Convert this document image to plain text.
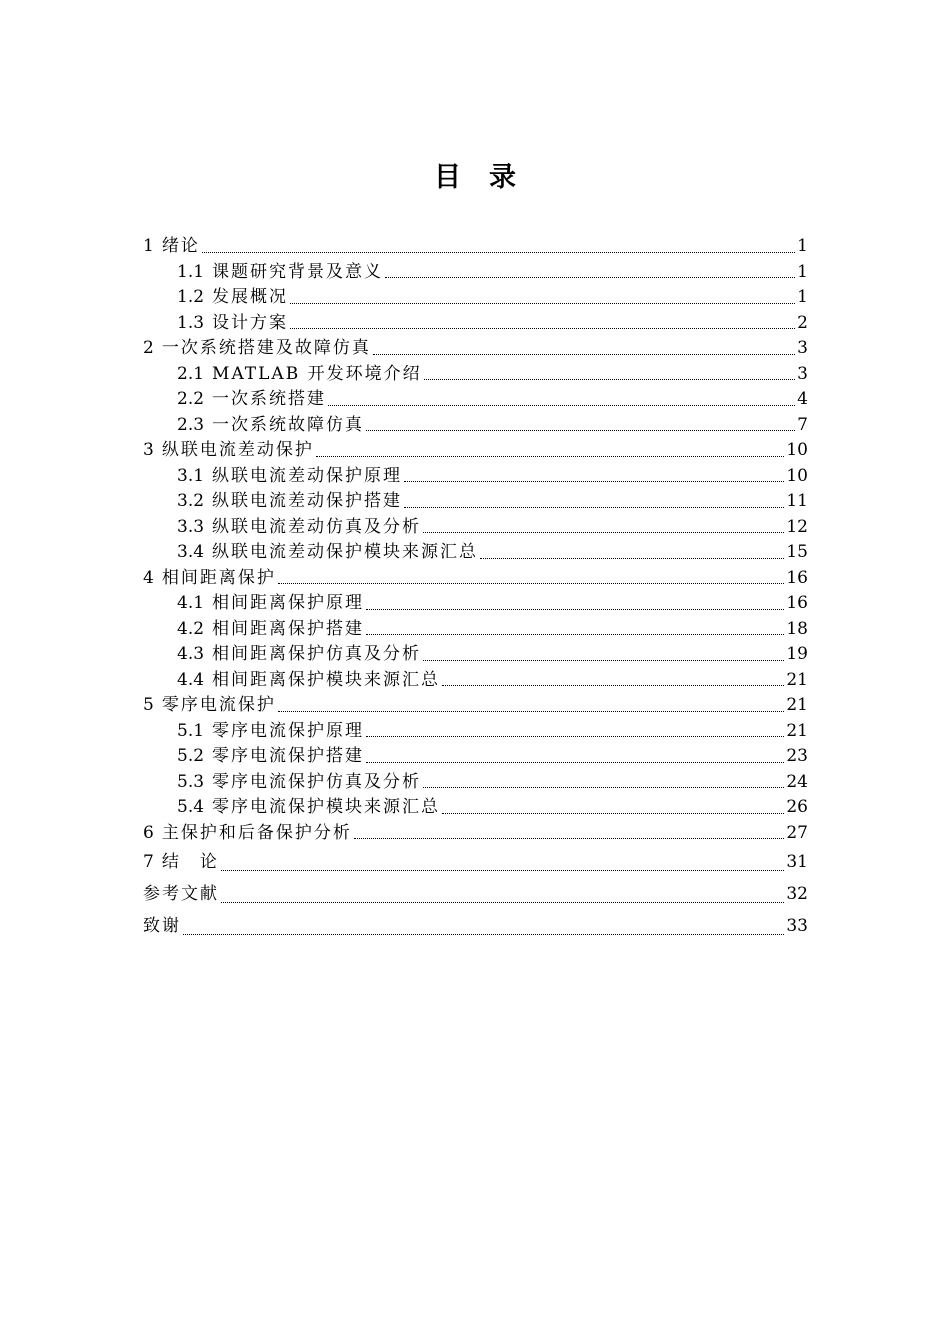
目 录
1 绪论	1
1.1 课题研究背景及意义	1
1.2 发展概况	1
1.3 设计方案	2
2 一次系统搭建及故障仿真	3
2.1 MATLAB 开发环境介绍	3
2.2 一次系统搭建	4
2.3 一次系统故障仿真	7
3 纵联电流差动保护	10
3.1 纵联电流差动保护原理	10
3.2 纵联电流差动保护搭建	11
3.3 纵联电流差动仿真及分析	12
3.4 纵联电流差动保护模块来源汇总	15
4 相间距离保护	16
4.1 相间距离保护原理	16
4.2 相间距离保护搭建	18
4.3 相间距离保护仿真及分析	19
4.4 相间距离保护模块来源汇总	21
5 零序电流保护	21
5.1 零序电流保护原理	21
5.2 零序电流保护搭建	23
5.3 零序电流保护仿真及分析	24
5.4 零序电流保护模块来源汇总	26
6 主保护和后备保护分析	27
7 结　论	31
参考文献	32
致谢	33
